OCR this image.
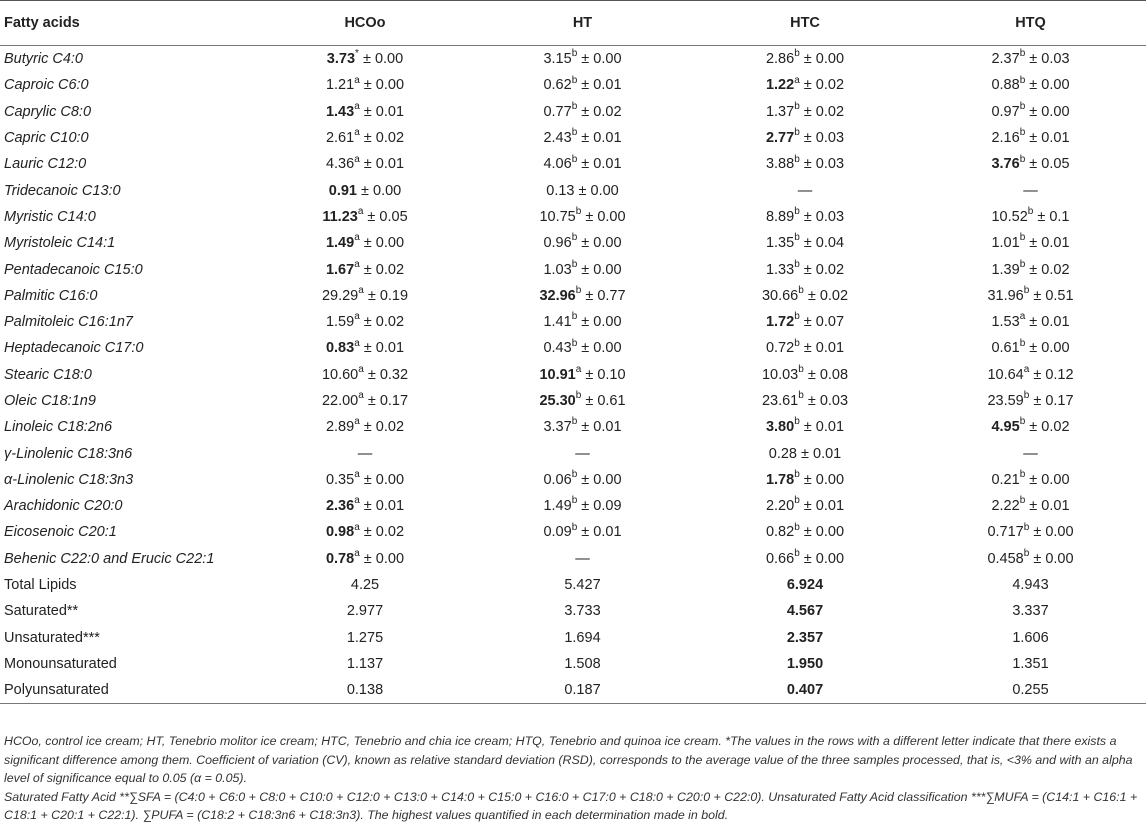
Fatty acids	HCOo	HT	HTC	HTQ
Butyric C4:0	3.73* ± 0.00	3.15$^b$ ± 0.00	2.86$^b$ ± 0.00	2.37$^b$ ± 0.03
Caproic C6:0	1.21$^a$ ± 0.00	0.62$^b$ ± 0.01	1.22$^a$ ± 0.02	0.88$^b$ ± 0.00
Caprylic C8:0	1.43$^a$ ± 0.01	0.77$^b$ ± 0.02	1.37$^b$ ± 0.02	0.97$^b$ ± 0.00
Capric C10:0	2.61$^a$ ± 0.02	2.43$^b$ ± 0.01	2.77$^b$ ± 0.03	2.16$^b$ ± 0.01
Lauric C12:0	4.36$^a$ ± 0.01	4.06$^b$ ± 0.01	3.88$^b$ ± 0.03	3.76$^b$ ± 0.05
Tridecanoic C13:0	0.91 ± 0.00	0.13 ± 0.00	—	—
Myristic C14:0	11.23$^a$ ± 0.05	10.75$^b$ ± 0.00	8.89$^b$ ± 0.03	10.52$^b$ ± 0.1
Myristoleic C14:1	1.49$^a$ ± 0.00	0.96$^b$ ± 0.00	1.35$^b$ ± 0.04	1.01$^b$ ± 0.01
Pentadecanoic C15:0	1.67$^a$ ± 0.02	1.03$^b$ ± 0.00	1.33$^b$ ± 0.02	1.39$^b$ ± 0.02
Palmitic C16:0	29.29$^a$ ± 0.19	32.96$^b$ ± 0.77	30.66$^b$ ± 0.02	31.96$^b$ ± 0.51
Palmitoleic C16:1n7	1.59$^a$ ± 0.02	1.41$^b$ ± 0.00	1.72$^b$ ± 0.07	1.53$^a$ ± 0.01
Heptadecanoic C17:0	0.83$^a$ ± 0.01	0.43$^b$ ± 0.00	0.72$^b$ ± 0.01	0.61$^b$ ± 0.00
Stearic C18:0	10.60$^a$ ± 0.32	10.91$^a$ ± 0.10	10.03$^b$ ± 0.08	10.64$^a$ ± 0.12
Oleic C18:1n9	22.00$^a$ ± 0.17	25.30$^b$ ± 0.61	23.61$^b$ ± 0.03	23.59$^b$ ± 0.17
Linoleic C18:2n6	2.89$^a$ ± 0.02	3.37$^b$ ± 0.01	3.80$^b$ ± 0.01	4.95$^b$ ± 0.02
γ-Linolenic C18:3n6	—	—	0.28 ± 0.01	—
α-Linolenic C18:3n3	0.35$^a$ ± 0.00	0.06$^b$ ± 0.00	1.78$^b$ ± 0.00	0.21$^b$ ± 0.00
Arachidonic C20:0	2.36$^a$ ± 0.01	1.49$^b$ ± 0.09	2.20$^b$ ± 0.01	2.22$^b$ ± 0.01
Eicosenoic C20:1	0.98$^a$ ± 0.02	0.09$^b$ ± 0.01	0.82$^b$ ± 0.00	0.717$^b$ ± 0.00
Behenic C22:0 and Erucic C22:1	0.78$^a$ ± 0.00	—	0.66$^b$ ± 0.00	0.458$^b$ ± 0.00
Total Lipids	4.25	5.427	6.924	4.943
Saturated**	2.977	3.733	4.567	3.337
Unsaturated***	1.275	1.694	2.357	1.606
Monounsaturated	1.137	1.508	1.950	1.351
Polyunsaturated	0.138	0.187	0.407	0.255

HCOo, control ice cream; HT, Tenebrio molitor ice cream; HTC, Tenebrio and chia ice cream; HTQ, Tenebrio and quinoa ice cream. *The values in the rows with a different letter indicate that there exists a significant difference among them. Coefficient of variation (CV), known as relative standard deviation (RSD), corresponds to the average value of the three samples processed, that is, <3% and with an alpha level of significance equal to 0.05 (α = 0.05).

Saturated Fatty Acid **∑SFA = (C4:0 + C6:0 + C8:0 + C10:0 + C12:0 + C13:0 + C14:0 + C15:0 + C16:0 + C17:0 + C18:0 + C20:0 + C22:0). Unsaturated Fatty Acid classification ***∑MUFA = (C14:1 + C16:1 + C18:1 + C20:1 + C22:1). ∑PUFA = (C18:2 + C18:3n6 + C18:3n3). The highest values quantified in each determination made in bold.
